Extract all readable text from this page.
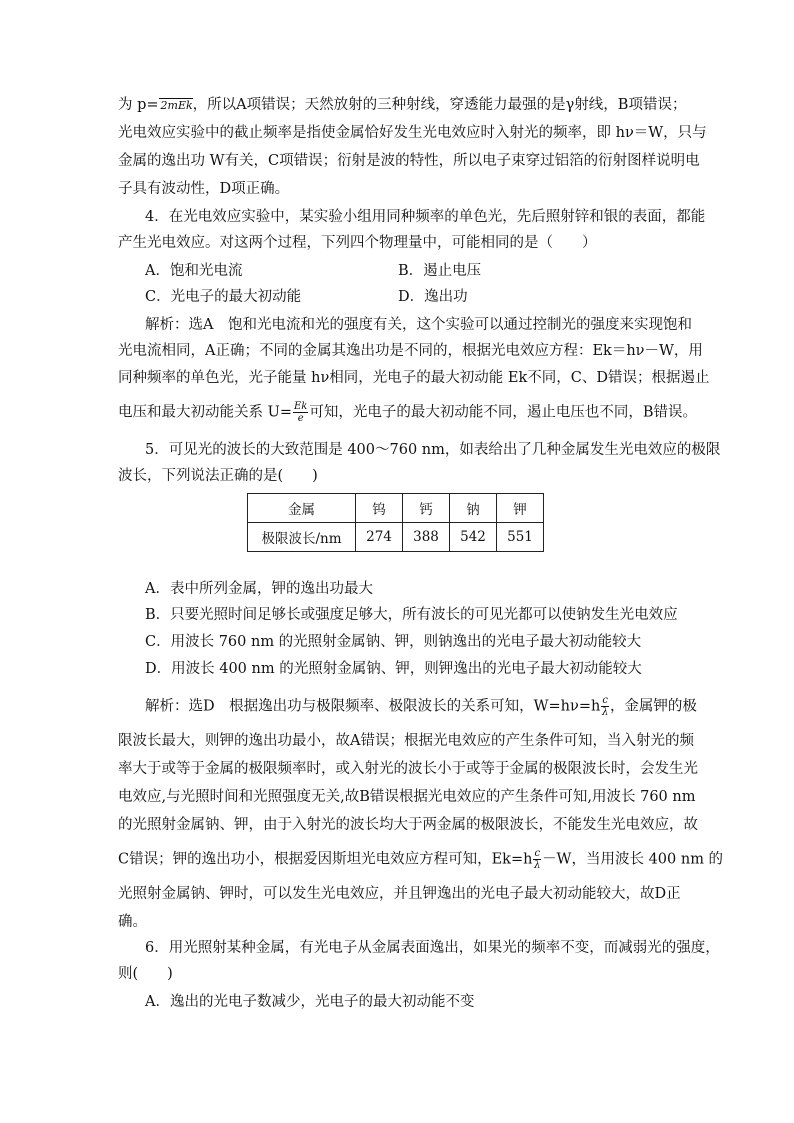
为 p= 2mEk，所以A项错误；天然放射的三种射线，穿透能力最强的是γ射线，B项错误；
光电效应实验中的截止频率是指使金属恰好发生光电效应时入射光的频率，即 hν＝W，只与
金属的逸出功 W有关，C项错误；衍射是波的特性，所以电子束穿过铝箔的衍射图样说明电
子具有波动性，D项正确。
4．在光电效应实验中，某实验小组用同种频率的单色光，先后照射锌和银的表面，都能
产生光电效应。对这两个过程，下列四个物理量中，可能相同的是（　　）
A．饱和光电流	B．遏止电压
C．光电子的最大初动能	D．逸出功
解析：选A　饱和光电流和光的强度有关，这个实验可以通过控制光的强度来实现饱和
光电流相同，A正确；不同的金属其逸出功是不同的，根据光电效应方程：Ek＝hν－W，用
同种频率的单色光，光子能量 hν相同，光电子的最大初动能 Ek不同，C、D错误；根据遏止
电压和最大初动能关系 $U= \frac{Ek}{e}$ 可知，光电子的最大初动能不同，遏止电压也不同，B错误。
5．可见光的波长的大致范围是 400～760 nm，如表给出了几种金属发生光电效应的极限
波长，下列说法正确的是(　　)
金属	钨	钙	钠	钾
极限波长/nm	274	388	542	551
A．表中所列金属，钾的逸出功最大
B．只要光照时间足够长或强度足够大，所有波长的可见光都可以使钠发生光电效应
C．用波长 760 nm 的光照射金属钠、钾，则钠逸出的光电子最大初动能较大
D．用波长 400 nm 的光照射金属钠、钾，则钾逸出的光电子最大初动能较大
解析：选D　根据逸出功与极限频率、极限波长的关系可知，$W=h\nu=h \frac{c}{\lambda}$ ，金属钾的极
限波长最大，则钾的逸出功最小，故A错误；根据光电效应的产生条件可知，当入射光的频
率大于或等于金属的极限频率时，或入射光的波长小于或等于金属的极限波长时，会发生光
电效应,与光照时间和光照强度无关,故B错误根据光电效应的产生条件可知,用波长 760 nm
的光照射金属钠、钾，由于入射光的波长均大于两金属的极限波长，不能发生光电效应，故
C错误；钾的逸出功小，根据爱因斯坦光电效应方程可知，$Ek=h \frac{c}{\lambda} -W$，当用波长 400 nm 的
光照射金属钠、钾时，可以发生光电效应，并且钾逸出的光电子最大初动能较大，故D正
确。
6．用光照射某种金属，有光电子从金属表面逸出，如果光的频率不变，而减弱光的强度，
则(　　)
A．逸出的光电子数减少，光电子的最大初动能不变
